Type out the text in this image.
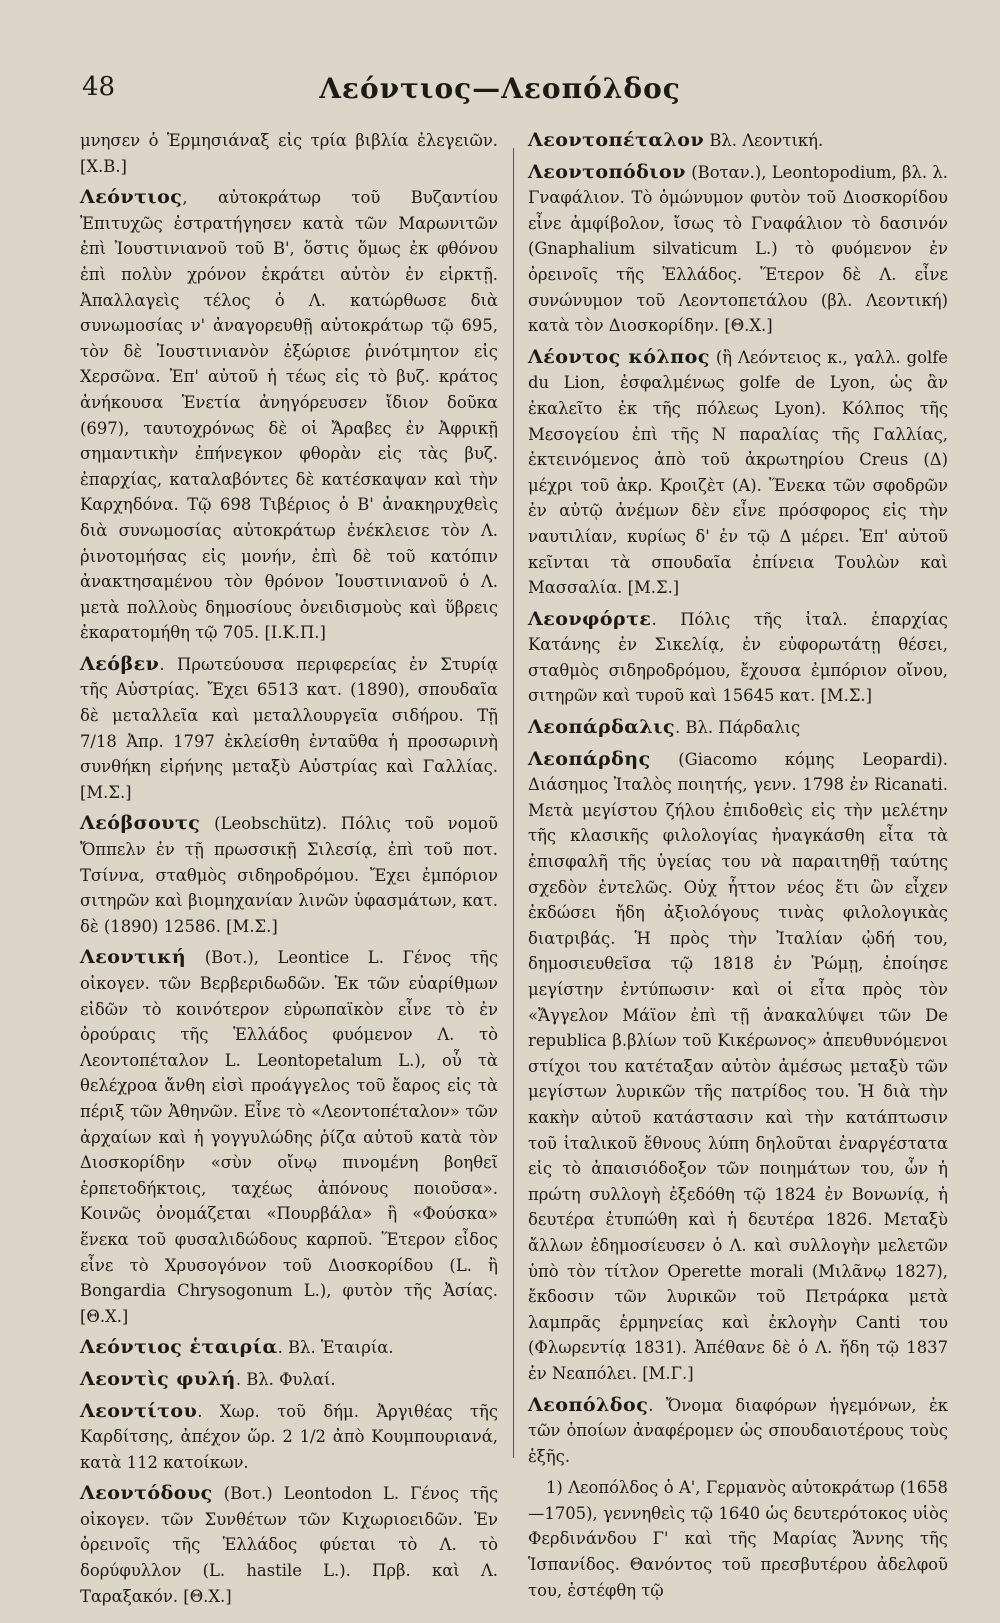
48	Λεόντιος—Λεοπόλδος

μνησεν ὁ Ἑρμησιάναξ εἰς τρία βιβλία ἐλεγειῶν. [Χ.Β.]

Λεόντιος, αὐτοκράτωρ τοῦ Βυζαντίου Ἐπιτυχῶς ἐστρατήγησεν κατὰ τῶν Μαρωνιτῶν ἐπὶ Ἰουστινιανοῦ τοῦ Β', ὅστις ὅμως ἐκ φθόνου ἐπὶ πολὺν χρόνον ἐκράτει αὐτὸν ἐν εἱρκτῇ. Ἀπαλλαγεὶς τέλος ὁ Λ. κατώρθωσε διὰ συνωμοσίας ν' ἀναγορευθῇ αὐτοκράτωρ τῷ 695, τὸν δὲ Ἰουστινιανὸν ἐξώρισε ῥινότμητον εἰς Χερσῶνα. Ἐπ' αὐτοῦ ἡ τέως εἰς τὸ βυζ. κράτος ἀνήκουσα Ἑνετία ἀνηγόρευσεν ἴδιον δοῦκα (697), ταυτοχρόνως δὲ οἱ Ἄραβες ἐν Ἀφρικῇ σημαντικὴν ἐπήνεγκον φθορὰν εἰς τὰς βυζ. ἐπαρχίας, καταλαβόντες δὲ κατέσκαψαν καὶ τὴν Καρχηδόνα. Τῷ 698 Τιβέριος ὁ Β' ἀνακηρυχθεὶς διὰ συνωμοσίας αὐτοκράτωρ ἐνέκλεισε τὸν Λ. ῥινοτομήσας εἰς μονήν, ἐπὶ δὲ τοῦ κατόπιν ἀνακτησαμένου τὸν θρόνον Ἰουστινιανοῦ ὁ Λ. μετὰ πολλοὺς δημοσίους ὀνειδισμοὺς καὶ ὕβρεις ἐκαρατομήθη τῷ 705. [Ι.Κ.Π.]

Λεόβεν. Πρωτεύουσα περιφερείας ἐν Στυρίᾳ τῆς Αὐστρίας. Ἔχει 6513 κατ. (1890), σπουδαῖα δὲ μεταλλεῖα καὶ μεταλλουργεῖα σιδήρου. Τῇ 7/18 Ἀπρ. 1797 ἐκλείσθη ἐνταῦθα ἡ προσωρινὴ συνθήκη εἰρήνης μεταξὺ Αὐστρίας καὶ Γαλλίας. [Μ.Σ.]

Λεόβσουτς (Leobschütz). Πόλις τοῦ νομοῦ Ὄππελν ἐν τῇ πρωσσικῇ Σιλεσίᾳ, ἐπὶ τοῦ ποτ. Τσίννα, σταθμὸς σιδηροδρόμου. Ἔχει ἐμπόριον σιτηρῶν καὶ βιομηχανίαν λινῶν ὑφασμάτων, κατ. δὲ (1890) 12586. [Μ.Σ.]

Λεοντική (Βοτ.), Leontice L. Γένος τῆς οἰκογεν. τῶν Βερβεριδωδῶν. Ἐκ τῶν εὐαρίθμων εἰδῶν τὸ κοινότερον εὐρωπαϊκὸν εἶνε τὸ ἐν ὀρούραις τῆς Ἑλλάδος φυόμενον Λ. τὸ Λεοντοπέταλον L. Leontopetalum L.), οὗ τὰ θελέχροα ἄνθη εἰσὶ προάγγελος τοῦ ἔαρος εἰς τὰ πέριξ τῶν Ἀθηνῶν. Εἶνε τὸ «Λεοντοπέταλον» τῶν ἀρχαίων καὶ ἡ γογγυλώδης ῥίζα αὐτοῦ κατὰ τὸν Διοσκορίδην «σὺν οἴνῳ πινομένη βοηθεῖ ἑρπετοδήκτοις, ταχέως ἀπόνους ποιοῦσα». Κοινῶς ὀνομάζεται «Πουρβάλα» ἢ «Φούσκα» ἕνεκα τοῦ φυσαλιδώδους καρποῦ. Ἕτερον εἶδος εἶνε τὸ Χρυσογόνον τοῦ Διοσκορίδου (L. ἢ Bongardia Chrysogonum L.), φυτὸν τῆς Ἀσίας. [Θ.Χ.]

Λεόντιος ἑταιρία. Βλ. Ἑταιρία.

Λεοντὶς φυλή. Βλ. Φυλαί.

Λεοντίτου. Χωρ. τοῦ δήμ. Ἀργιθέας τῆς Καρδίτσης, ἀπέχον ὥρ. 2 1/2 ἀπὸ Κουμπουριανά, κατὰ 112 κατοίκων.

Λεοντόδους (Βοτ.) Leontodon L. Γένος τῆς οἰκογεν. τῶν Συνθέτων τῶν Κιχωριοειδῶν. Ἐν ὀρεινοῖς τῆς Ἑλλάδος φύεται τὸ Λ. τὸ δορύφυλλον (L. hastile L.). Πρβ. καὶ Λ. Ταραξακόν. [Θ.Χ.]

Λεοντοπέταλον Βλ. Λεοντική.

Λεοντοπόδιον (Βοταν.), Leontopodium, βλ. λ. Γναφάλιον. Τὸ ὁμώνυμον φυτὸν τοῦ Διοσκορίδου εἶνε ἀμφίβολον, ἴσως τὸ Γναφάλιον τὸ δασινόν (Gnaphalium silvaticum L.) τὸ φυόμενον ἐν ὀρεινοῖς τῆς Ἑλλάδος. Ἕτερον δὲ Λ. εἶνε συνώνυμον τοῦ Λεοντοπετάλου (βλ. Λεοντική) κατὰ τὸν Διοσκορίδην. [Θ.Χ.]

Λέοντος κόλπος (ἢ Λεόντειος κ., γαλλ. golfe du Lion, ἐσφαλμένως golfe de Lyon, ὡς ἂν ἐκαλεῖτο ἐκ τῆς πόλεως Lyon). Κόλπος τῆς Μεσογείου ἐπὶ τῆς Ν παραλίας τῆς Γαλλίας, ἐκτεινόμενος ἀπὸ τοῦ ἀκρωτηρίου Creus (Δ) μέχρι τοῦ ἀκρ. Κροιζὲτ (Α). Ἕνεκα τῶν σφοδρῶν ἐν αὐτῷ ἀνέμων δὲν εἶνε πρόσφορος εἰς τὴν ναυτιλίαν, κυρίως δ' ἐν τῷ Δ μέρει. Ἐπ' αὐτοῦ κεῖνται τὰ σπουδαῖα ἐπίνεια Τουλὼν καὶ Μασσαλία. [Μ.Σ.]

Λεονφόρτε. Πόλις τῆς ἰταλ. ἐπαρχίας Κατάνης ἐν Σικελίᾳ, ἐν εὐφορωτάτῃ θέσει, σταθμὸς σιδηροδρόμου, ἔχουσα ἐμπόριον οἴνου, σιτηρῶν καὶ τυροῦ καὶ 15645 κατ. [Μ.Σ.]

Λεοπάρδαλις. Βλ. Πάρδαλις

Λεοπάρδης (Giacomo κόμης Leopardi). Διάσημος Ἰταλὸς ποιητής, γενν. 1798 ἐν Ricanati. Μετὰ μεγίστου ζήλου ἐπιδοθεὶς εἰς τὴν μελέτην τῆς κλασικῆς φιλολογίας ἠναγκάσθη εἶτα τὰ ἐπισφαλῆ τῆς ὑγείας του νὰ παραιτηθῇ ταύτης σχεδὸν ἐντελῶς. Οὐχ ἧττον νέος ἔτι ὢν εἶχεν ἐκδώσει ἤδη ἀξιολόγους τινὰς φιλολογικὰς διατριβάς. Ἡ πρὸς τὴν Ἰταλίαν ᾠδή του, δημοσιευθεῖσα τῷ 1818 ἐν Ῥώμῃ, ἐποίησε μεγίστην ἐντύπωσιν· καὶ οἱ εἶτα πρὸς τὸν «Ἄγγελον Μάϊον ἐπὶ τῇ ἀνακαλύψει τῶν De republica β.βλίων τοῦ Κικέρωνος» ἀπευθυνόμενοι στίχοι του κατέταξαν αὐτὸν ἀμέσως μεταξὺ τῶν μεγίστων λυρικῶν τῆς πατρίδος του. Ἡ διὰ τὴν κακὴν αὐτοῦ κατάστασιν καὶ τὴν κατάπτωσιν τοῦ ἰταλικοῦ ἔθνους λύπη δηλοῦται ἐναργέστατα εἰς τὸ ἀπαισιόδοξον τῶν ποιημάτων του, ὧν ἡ πρώτη συλλογὴ ἐξεδόθη τῷ 1824 ἐν Βονωνίᾳ, ἡ δευτέρα ἐτυπώθη καὶ ἡ δευτέρα 1826. Μεταξὺ ἄλλων ἐδημοσίευσεν ὁ Λ. καὶ συλλογὴν μελετῶν ὑπὸ τὸν τίτλον Operette morali (Μιλᾶνῳ 1827), ἔκδοσιν τῶν λυρικῶν τοῦ Πετράρκα μετὰ λαμπρᾶς ἑρμηνείας καὶ ἐκλογὴν Canti του (Φλωρεντίᾳ 1831). Ἀπέθανε δὲ ὁ Λ. ἤδη τῷ 1837 ἐν Νεαπόλει. [Μ.Γ.]

Λεοπόλδος. Ὄνομα διαφόρων ἡγεμόνων, ἐκ τῶν ὁποίων ἀναφέρομεν ὡς σπουδαιοτέρους τοὺς ἑξῆς.

1) Λεοπόλδος ὁ Α', Γερμανὸς αὐτοκράτωρ (1658—1705), γεννηθεὶς τῷ 1640 ὡς δευτερότοκος υἱὸς Φερδινάνδου Γ' καὶ τῆς Μαρίας Ἄννης τῆς Ἱσπανίδος. Θανόντος τοῦ πρεσβυτέρου ἀδελφοῦ του, ἐστέφθη τῷ
